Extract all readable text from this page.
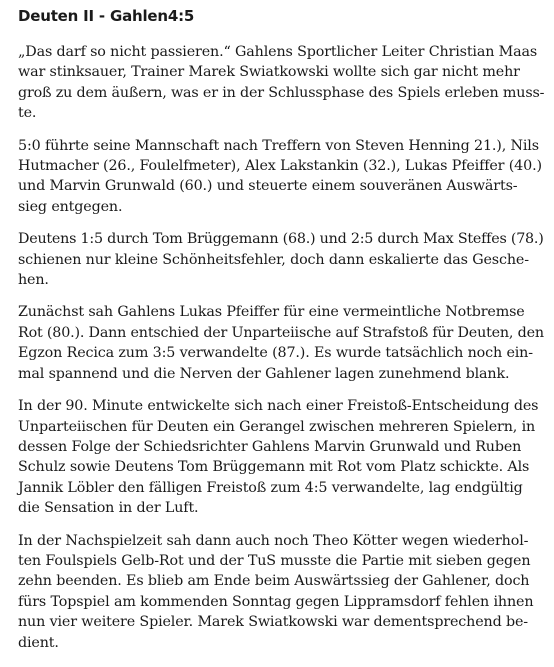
Deuten II - Gahlen4:5

„Das darf so nicht passieren.“ Gahlens Sportlicher Leiter Christian Maas
war stinksauer, Trainer Marek Swiatkowski wollte sich gar nicht mehr
groß zu dem äußern, was er in der Schlussphase des Spiels erleben muss-
te.

5:0 führte seine Mannschaft nach Treffern von Steven Henning 21.), Nils
Hutmacher (26., Foulelfmeter), Alex Lakstankin (32.), Lukas Pfeiffer (40.)
und Marvin Grunwald (60.) und steuerte einem souveränen Auswärts-
sieg entgegen.

Deutens 1:5 durch Tom Brüggemann (68.) und 2:5 durch Max Steffes (78.)
schienen nur kleine Schönheitsfehler, doch dann eskalierte das Gesche-
hen.

Zunächst sah Gahlens Lukas Pfeiffer für eine vermeintliche Notbremse
Rot (80.). Dann entschied der Unparteiische auf Strafstoß für Deuten, den
Egzon Recica zum 3:5 verwandelte (87.). Es wurde tatsächlich noch ein-
mal spannend und die Nerven der Gahlener lagen zunehmend blank.

In der 90. Minute entwickelte sich nach einer Freistoß-Entscheidung des
Unparteiischen für Deuten ein Gerangel zwischen mehreren Spielern, in
dessen Folge der Schiedsrichter Gahlens Marvin Grunwald und Ruben
Schulz sowie Deutens Tom Brüggemann mit Rot vom Platz schickte. Als
Jannik Löbler den fälligen Freistoß zum 4:5 verwandelte, lag endgültig
die Sensation in der Luft.

In der Nachspielzeit sah dann auch noch Theo Kötter wegen wiederhol-
ten Foulspiels Gelb-Rot und der TuS musste die Partie mit sieben gegen
zehn beenden. Es blieb am Ende beim Auswärtssieg der Gahlener, doch
fürs Topspiel am kommenden Sonntag gegen Lippramsdorf fehlen ihnen
nun vier weitere Spieler. Marek Swiatkowski war dementsprechend be-
dient.
